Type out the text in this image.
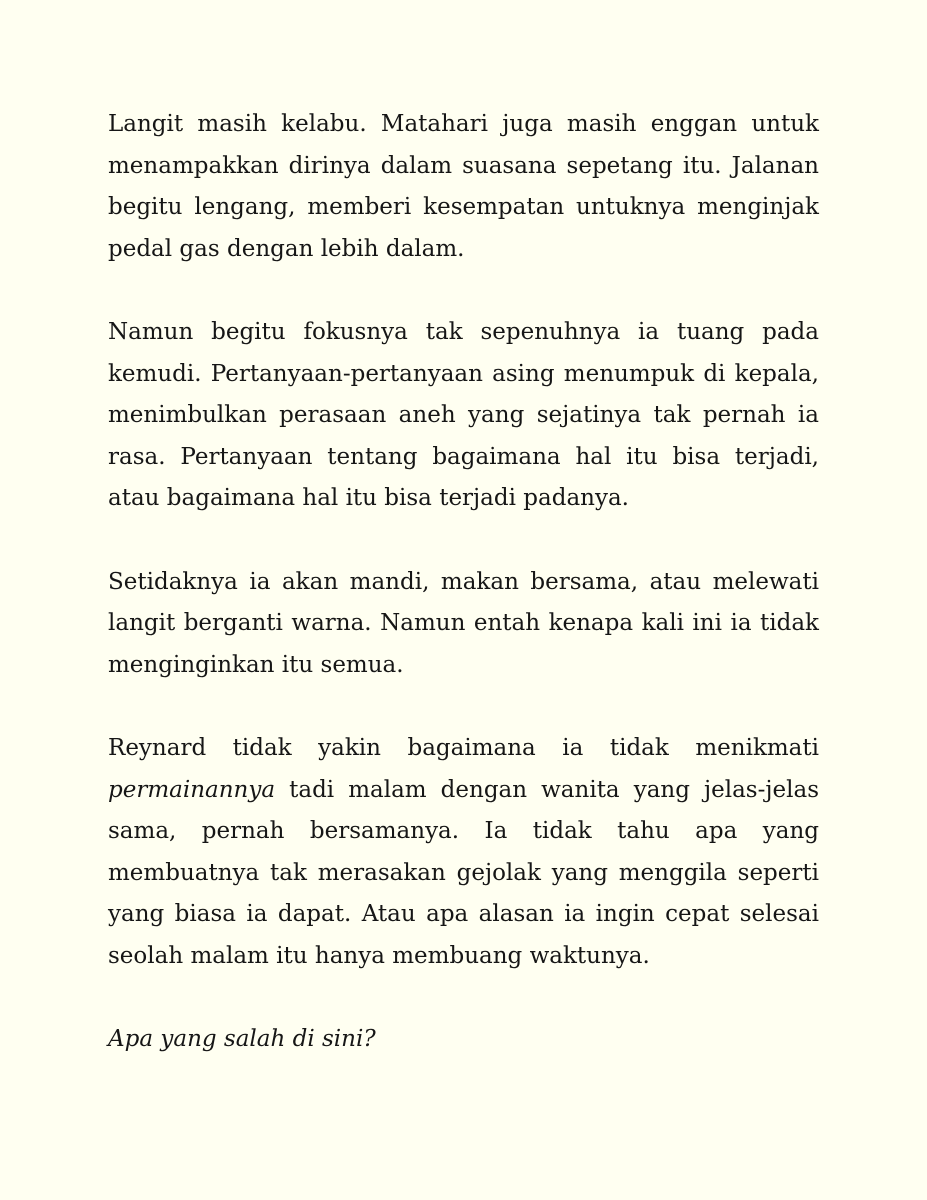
Langit masih kelabu. Matahari juga masih enggan untuk menampakkan dirinya dalam suasana sepetang itu. Jalanan begitu lengang, memberi kesempatan untuknya menginjak pedal gas dengan lebih dalam.

Namun begitu fokusnya tak sepenuhnya ia tuang pada kemudi. Pertanyaan-pertanyaan asing menumpuk di kepala, menimbulkan perasaan aneh yang sejatinya tak pernah ia rasa. Pertanyaan tentang bagaimana hal itu bisa terjadi, atau bagaimana hal itu bisa terjadi padanya.

Setidaknya ia akan mandi, makan bersama, atau melewati langit berganti warna. Namun entah kenapa kali ini ia tidak menginginkan itu semua.

Reynard tidak yakin bagaimana ia tidak menikmati permainannya tadi malam dengan wanita yang jelas-jelas sama, pernah bersamanya. Ia tidak tahu apa yang membuatnya tak merasakan gejolak yang menggila seperti yang biasa ia dapat. Atau apa alasan ia ingin cepat selesai seolah malam itu hanya membuang waktunya.

Apa yang salah di sini?
